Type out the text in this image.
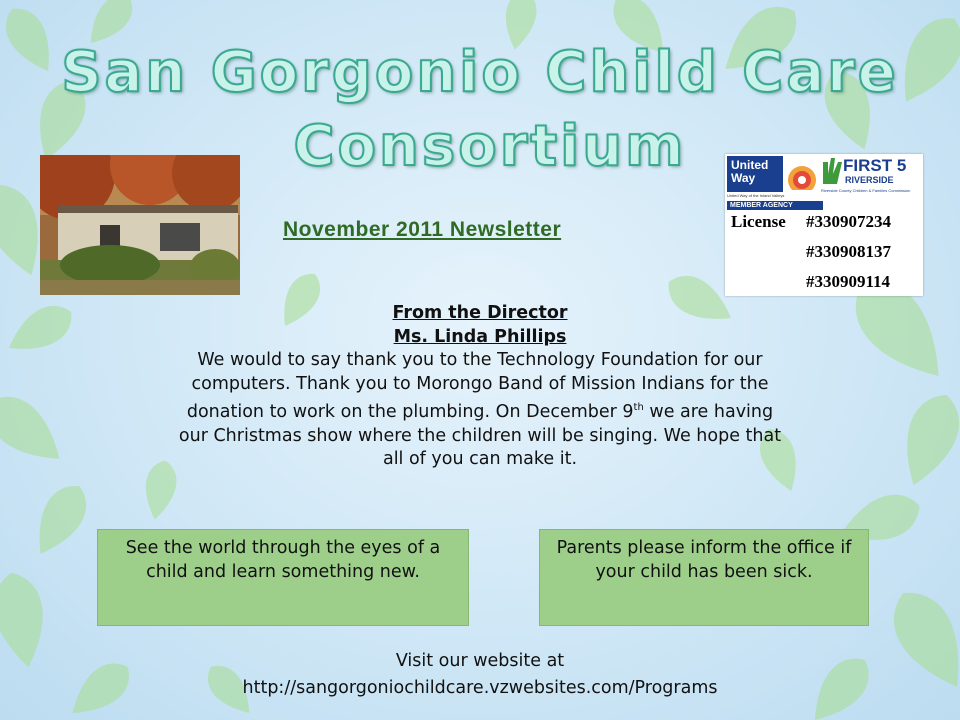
San Gorgonio Child Care
Consortium
November 2011 Newsletter
United Way
United Way of the Inland Valleys
MEMBER AGENCY
FIRST 5
RIVERSIDE
Riverside County Children & Families Commission
License #330907234
#330908137
#330909114
From the Director
Ms. Linda Phillips
We would to say thank you to the Technology Foundation for our
computers. Thank you to Morongo Band of Mission Indians for the
donation to work on the plumbing. On December 9th we are having
our Christmas show where the children will be singing. We hope that
all of you can make it.
See the world through the eyes of a child and learn something new.
Parents please inform the office if your child has been sick.
Visit our website at
http://sangorgoniochildcare.vzwebsites.com/Programs
